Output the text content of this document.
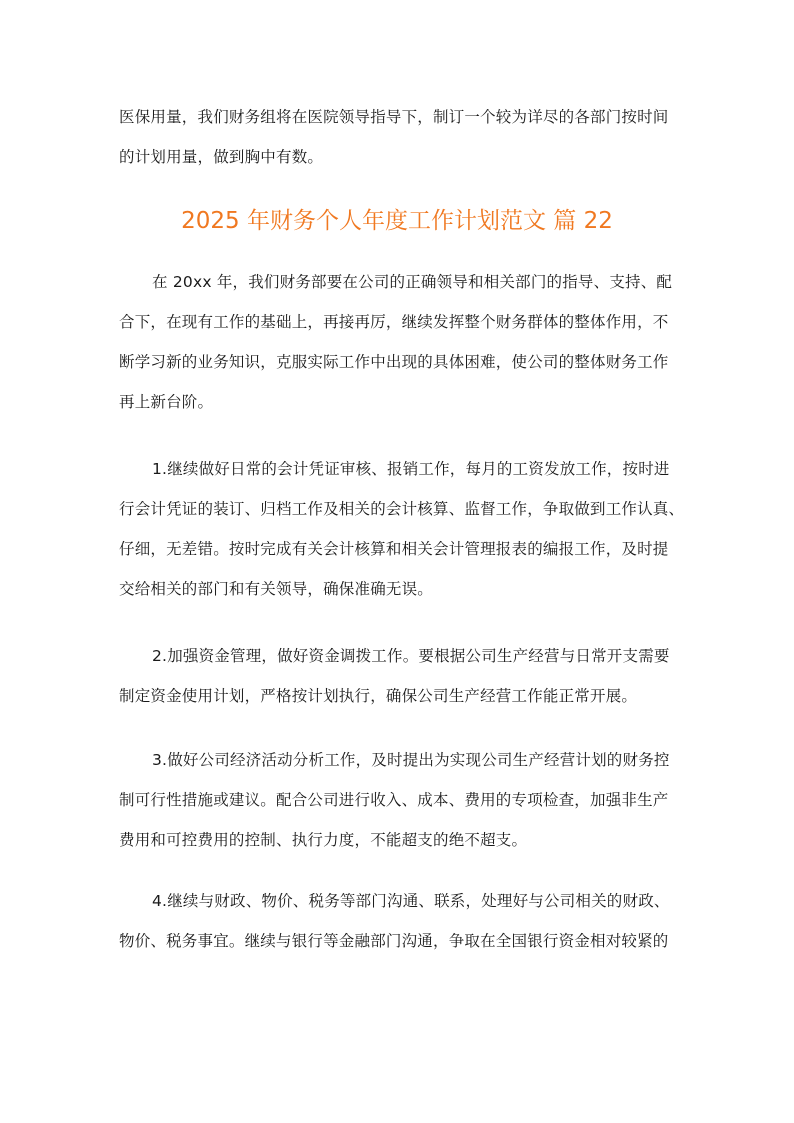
医保用量，我们财务组将在医院领导指导下，制订一个较为详尽的各部门按时间
的计划用量，做到胸中有数。
2025 年财务个人年度工作计划范文 篇 22
在 20xx 年，我们财务部要在公司的正确领导和相关部门的指导、支持、配
合下，在现有工作的基础上，再接再厉，继续发挥整个财务群体的整体作用，不
断学习新的业务知识，克服实际工作中出现的具体困难，使公司的整体财务工作
再上新台阶。
1.继续做好日常的会计凭证审核、报销工作，每月的工资发放工作，按时进
行会计凭证的装订、归档工作及相关的会计核算、监督工作，争取做到工作认真、
仔细，无差错。按时完成有关会计核算和相关会计管理报表的编报工作，及时提
交给相关的部门和有关领导，确保准确无误。
2.加强资金管理，做好资金调拨工作。要根据公司生产经营与日常开支需要
制定资金使用计划，严格按计划执行，确保公司生产经营工作能正常开展。
3.做好公司经济活动分析工作，及时提出为实现公司生产经营计划的财务控
制可行性措施或建议。配合公司进行收入、成本、费用的专项检查，加强非生产
费用和可控费用的控制、执行力度，不能超支的绝不超支。
4.继续与财政、物价、税务等部门沟通、联系，处理好与公司相关的财政、
物价、税务事宜。继续与银行等金融部门沟通，争取在全国银行资金相对较紧的
